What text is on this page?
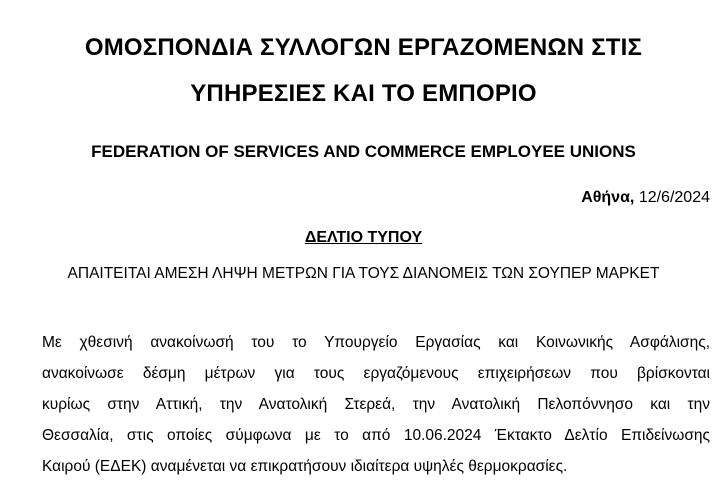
ΟΜΟΣΠΟΝΔΙΑ ΣΥΛΛΟΓΩΝ ΕΡΓΑΖΟΜΕΝΩΝ ΣΤΙΣ
ΥΠΗΡΕΣΙΕΣ ΚΑΙ ΤΟ ΕΜΠΟΡΙΟ
FEDERATION OF SERVICES AND COMMERCE EMPLOYEE UNIONS
Αθήνα, 12/6/2024
ΔΕΛΤΙΟ ΤΥΠΟΥ
ΑΠΑΙΤΕΙΤΑΙ ΑΜΕΣΗ ΛΗΨΗ ΜΕΤΡΩΝ ΓΙΑ ΤΟΥΣ ΔΙΑΝΟΜΕΙΣ ΤΩΝ ΣΟΥΠΕΡ ΜΑΡΚΕΤ
Με χθεσινή ανακοίνωσή του το Υπουργείο Εργασίας και Κοινωνικής Ασφάλισης,
ανακοίνωσε δέσμη μέτρων για τους εργαζόμενους επιχειρήσεων που βρίσκονται
κυρίως στην Αττική, την Ανατολική Στερεά, την Ανατολική Πελοπόννησο και την
Θεσσαλία, στις οποίες σύμφωνα με το από 10.06.2024 Έκτακτο Δελτίο Επιδείνωσης
Καιρού (ΕΔΕΚ) αναμένεται να επικρατήσουν ιδιαίτερα υψηλές θερμοκρασίες.
